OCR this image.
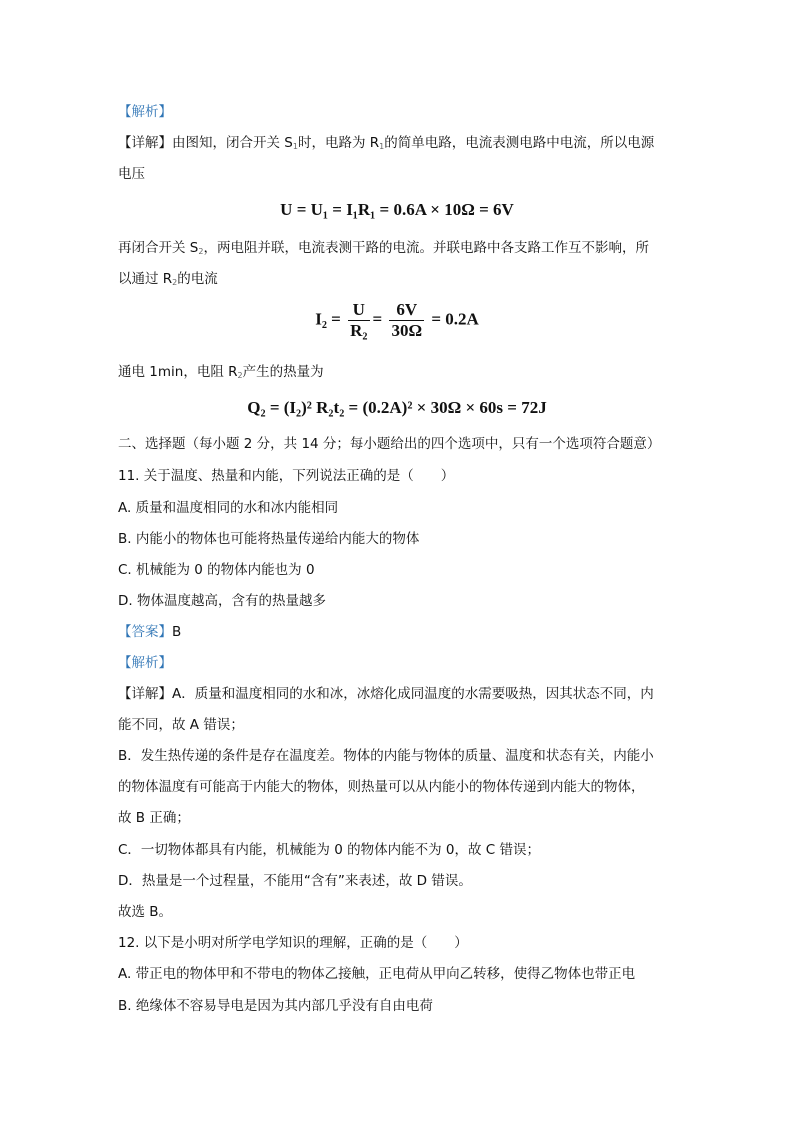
【解析】
【详解】由图知，闭合开关 $S_1$时，电路为 $R_1$的简单电路，电流表测电路中电流，所以电源
电压
U = U₁ = I₁R₁ = 0.6A × 10Ω = 6V
再闭合开关 $S_2$，两电阻并联，电流表测干路的电流。并联电路中各支路工作互不影响，所
以通过 $R_2$的电流
$I_2 = \frac{U}{\text{R₂}} = \frac{6V}{30\Omega} = 0.2A$
通电 1min，电阻 $R_2$产生的热量为
Q₂ = (I₂)² R₂t₂ = (0.2A)² × 30Ω × 60s = 72J
二、选择题（每小题 2 分，共 14 分；每小题给出的四个选项中，只有一个选项符合题意）
11. 关于温度、热量和内能，下列说法正确的是（　　）
A. 质量和温度相同的水和冰内能相同
B. 内能小的物体也可能将热量传递给内能大的物体
C. 机械能为 0 的物体内能也为 0
D. 物体温度越高，含有的热量越多
【答案】B
【解析】
【详解】A．质量和温度相同的水和冰，冰熔化成同温度的水需要吸热，因其状态不同，内
能不同，故 A 错误；
B．发生热传递的条件是存在温度差。物体的内能与物体的质量、温度和状态有关，内能小
的物体温度有可能高于内能大的物体，则热量可以从内能小的物体传递到内能大的物体，
故 B 正确；
C．一切物体都具有内能，机械能为 0 的物体内能不为 0，故 C 错误；
D．热量是一个过程量，不能用“含有”来表述，故 D 错误。
故选 B。
12. 以下是小明对所学电学知识的理解，正确的是（　　）
A. 带正电的物体甲和不带电的物体乙接触，正电荷从甲向乙转移，使得乙物体也带正电
B. 绝缘体不容易导电是因为其内部几乎没有自由电荷
